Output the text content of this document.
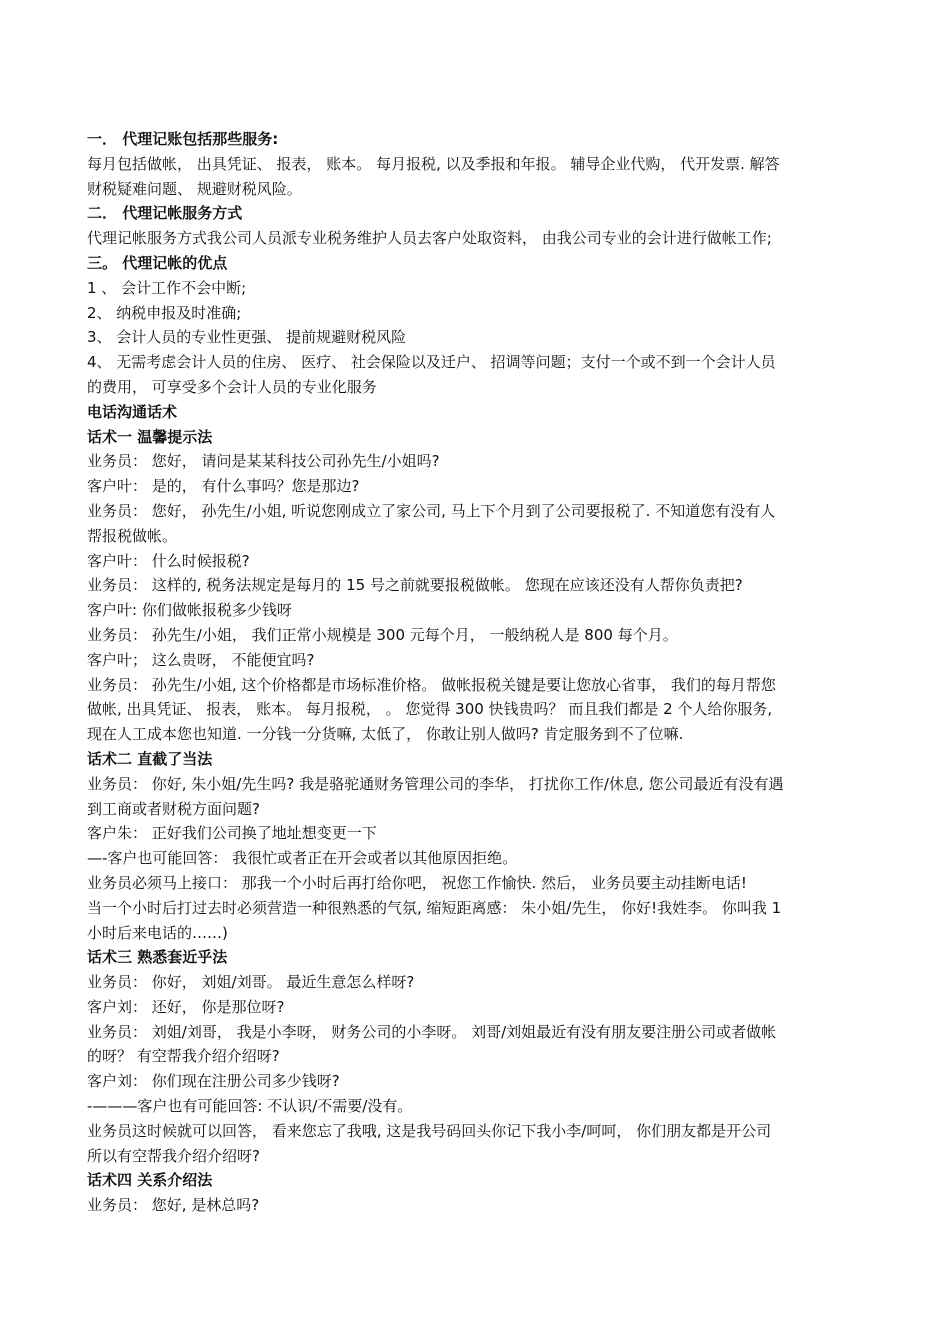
一． 代理记账包括那些服务:
每月包括做帐， 出具凭证、 报表， 账本。 每月报税, 以及季报和年报。 辅导企业代购， 代开发票. 解答
财税疑难问题、 规避财税风险。
二． 代理记帐服务方式
代理记帐服务方式我公司人员派专业税务维护人员去客户处取资料， 由我公司专业的会计进行做帐工作;
三。 代理记帐的优点
1 、 会计工作不会中断;
2、 纳税申报及时准确;
3、 会计人员的专业性更强、 提前规避财税风险
4、 无需考虑会计人员的住房、 医疗、 社会保险以及迁户、 招调等问题；支付一个或不到一个会计人员
的费用， 可享受多个会计人员的专业化服务
电话沟通话术
话术一 温馨提示法
业务员： 您好， 请问是某某科技公司孙先生/小姐吗?
客户叶： 是的， 有什么事吗？您是那边?
业务员： 您好， 孙先生/小姐, 听说您刚成立了家公司, 马上下个月到了公司要报税了. 不知道您有没有人
帮报税做帐。
客户叶： 什么时候报税?
业务员： 这样的, 税务法规定是每月的 15 号之前就要报税做帐。 您现在应该还没有人帮你负责把?
客户叶: 你们做帐报税多少钱呀
业务员： 孙先生/小姐， 我们正常小规模是 300 元每个月， 一般纳税人是 800 每个月。
客户叶； 这么贵呀， 不能便宜吗?
业务员： 孙先生/小姐, 这个价格都是市场标准价格。 做帐报税关键是要让您放心省事， 我们的每月帮您
做帐, 出具凭证、 报表， 账本。 每月报税， 。 您觉得 300 快钱贵吗？ 而且我们都是 2 个人给你服务,
现在人工成本您也知道. 一分钱一分货嘛, 太低了， 你敢让别人做吗? 肯定服务到不了位嘛.
话术二 直截了当法
业务员： 你好, 朱小姐/先生吗? 我是骆驼通财务管理公司的李华， 打扰你工作/休息, 您公司最近有没有遇
到工商或者财税方面问题?
客户朱： 正好我们公司换了地址想变更一下
—-客户也可能回答： 我很忙或者正在开会或者以其他原因拒绝。
业务员必须马上接口： 那我一个小时后再打给你吧， 祝您工作愉快. 然后， 业务员要主动挂断电话!
当一个小时后打过去时必须营造一种很熟悉的气氛, 缩短距离感： 朱小姐/先生， 你好!我姓李。 你叫我 1
小时后来电话的……)
话术三 熟悉套近乎法
业务员： 你好， 刘姐/刘哥。 最近生意怎么样呀?
客户刘： 还好， 你是那位呀?
业务员： 刘姐/刘哥， 我是小李呀， 财务公司的小李呀。 刘哥/刘姐最近有没有朋友要注册公司或者做帐
的呀？ 有空帮我介绍介绍呀?
客户刘： 你们现在注册公司多少钱呀?
-———客户也有可能回答: 不认识/不需要/没有。
业务员这时候就可以回答， 看来您忘了我哦, 这是我号码回头你记下我小李/呵呵， 你们朋友都是开公司
所以有空帮我介绍介绍呀?
话术四 关系介绍法
业务员： 您好, 是林总吗?
